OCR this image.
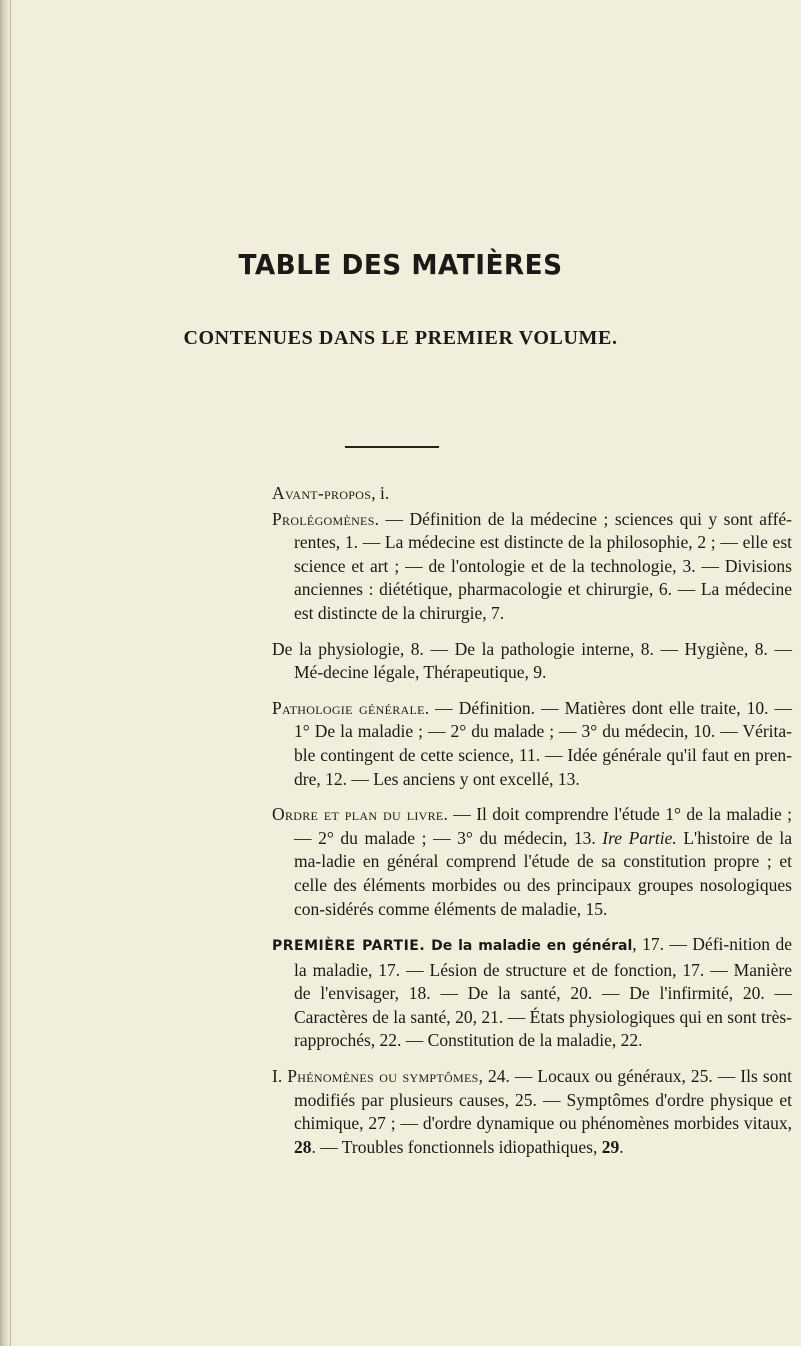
TABLE DES MATIÈRES
CONTENUES DANS LE PREMIER VOLUME.

Avant-propos, i.

Prolégomènes. — Définition de la médecine ; sciences qui y sont affé-rentes, 1. — La médecine est distincte de la philosophie, 2 ; — elle est science et art ; — de l'ontologie et de la technologie, 3. — Divisions anciennes : diététique, pharmacologie et chirurgie, 6. — La médecine est distincte de la chirurgie, 7.

De la physiologie, 8. — De la pathologie interne, 8. — Hygiène, 8. — Mé-decine légale, Thérapeutique, 9.

Pathologie générale. — Définition. — Matières dont elle traite, 10. — 1° De la maladie ; — 2° du malade ; — 3° du médecin, 10. — Vérita-ble contingent de cette science, 11. — Idée générale qu'il faut en pren-dre, 12. — Les anciens y ont excellé, 13.

Ordre et plan du livre. — Il doit comprendre l'étude 1° de la maladie ; — 2° du malade ; — 3° du médecin, 13. Ire Partie. L'histoire de la ma-ladie en général comprend l'étude de sa constitution propre ; et celle des éléments morbides ou des principaux groupes nosologiques con-sidérés comme éléments de maladie, 15.

PREMIÈRE PARTIE. De la maladie en général, 17. — Défi-nition de la maladie, 17. — Lésion de structure et de fonction, 17. — Manière de l'envisager, 18. — De la santé, 20. — De l'infirmité, 20. — Caractères de la santé, 20, 21. — États physiologiques qui en sont très-rapprochés, 22. — Constitution de la maladie, 22.

I. Phénomènes ou symptômes, 24. — Locaux ou généraux, 25. — Ils sont modifiés par plusieurs causes, 25. — Symptômes d'ordre physique et chimique, 27 ; — d'ordre dynamique ou phénomènes morbides vitaux, 28. — Troubles fonctionnels idiopathiques, 29.
